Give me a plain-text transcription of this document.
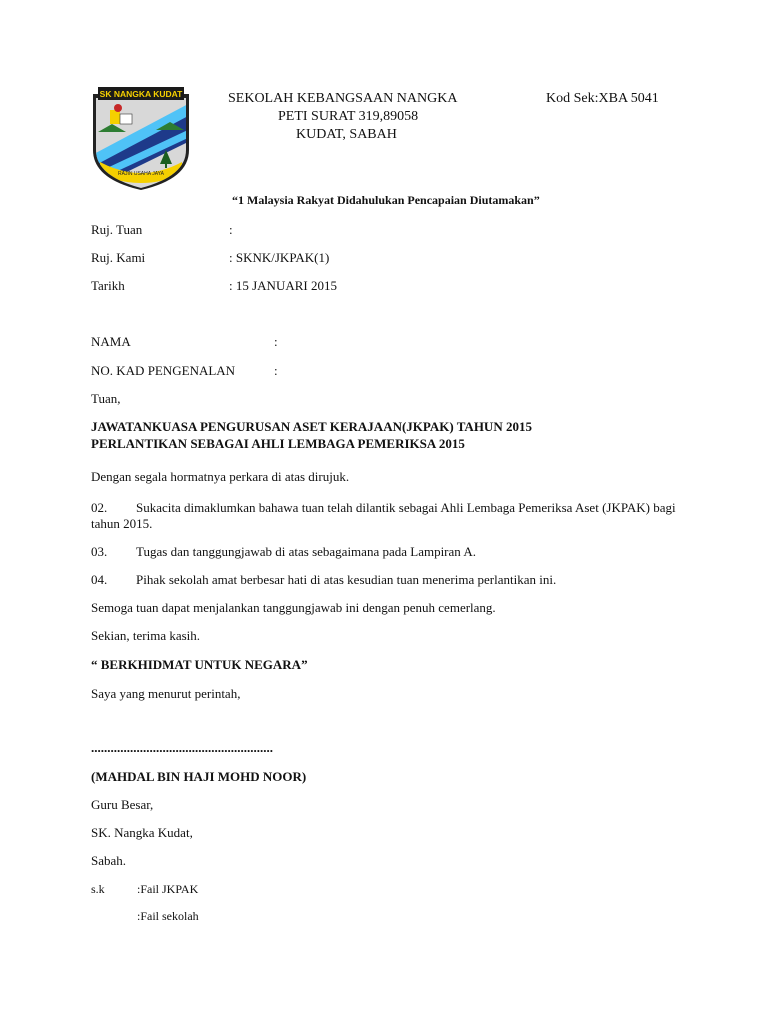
SK NANGKA KUDAT
RAJIN USAHA JAYA
SEKOLAH KEBANGSAAN NANGKA	Kod Sek:XBA 5041
PETI SURAT 319,89058
KUDAT, SABAH
“1 Malaysia Rakyat Didahulukan Pencapaian Diutamakan”
Ruj. Tuan	:
Ruj. Kami	: SKNK/JKPAK(1)
Tarikh	: 15 JANUARI 2015
NAMA	:
NO. KAD PENGENALAN	:
Tuan,
JAWATANKUASA PENGURUSAN ASET KERAJAAN(JKPAK) TAHUN 2015
PERLANTIKAN SEBAGAI AHLI LEMBAGA PEMERIKSA 2015
Dengan segala hormatnya perkara di atas dirujuk.
02. Sukacita dimaklumkan bahawa tuan telah dilantik sebagai Ahli Lembaga Pemeriksa Aset (JKPAK) bagi
tahun 2015.
03. Tugas dan tanggungjawab di atas sebagaimana pada Lampiran A.
04. Pihak sekolah amat berbesar hati di atas kesudian tuan menerima perlantikan ini.
Semoga tuan dapat menjalankan tanggungjawab ini dengan penuh cemerlang.
Sekian, terima kasih.
“ BERKHIDMAT UNTUK NEGARA”
Saya yang menurut perintah,
........................................................
(MAHDAL BIN HAJI MOHD NOOR)
Guru Besar,
SK. Nangka Kudat,
Sabah.
s.k	:Fail JKPAK
:Fail sekolah
